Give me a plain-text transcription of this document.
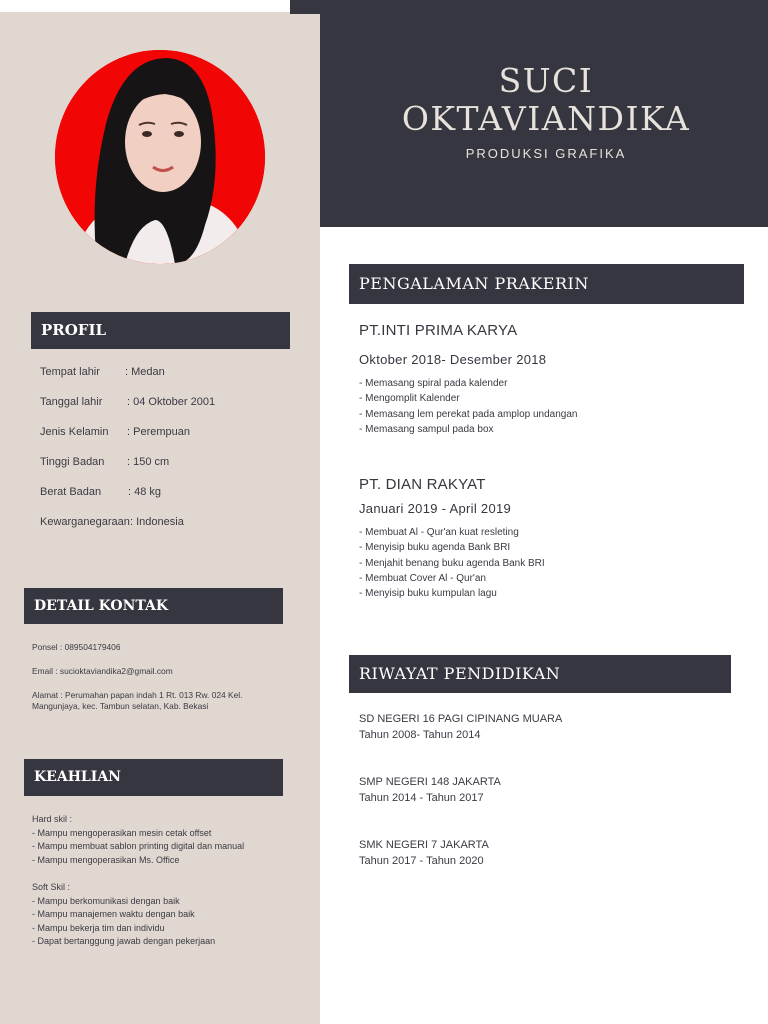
SUCI
OKTAVIANDIKA
PRODUKSI GRAFIKA
PROFIL
Tempat lahir : Medan
Tanggal lahir : 04 Oktober 2001
Jenis Kelamin : Perempuan
Tinggi Badan : 150 cm
Berat Badan : 48 kg
Kewarganegaraan : Indonesia
DETAIL KONTAK
Ponsel : 089504179406
Email : sucioktaviandika2@gmail.com
Alamat : Perumahan papan indah 1 Rt. 013 Rw. 024 Kel.
Mangunjaya, kec. Tambun selatan, Kab. Bekasi
KEAHLIAN
Hard skil :
- Mampu mengoperasikan mesin cetak offset
- Mampu membuat sablon printing digital dan manual
- Mampu mengoperasikan Ms. Office
Soft Skil :
- Mampu berkomunikasi dengan baik
- Mampu manajemen waktu dengan baik
- Mampu bekerja tim dan individu
- Dapat bertanggung jawab dengan pekerjaan
PENGALAMAN PRAKERIN
PT.INTI PRIMA KARYA
Oktober 2018- Desember 2018
- Memasang spiral pada kalender
- Mengomplit Kalender
- Memasang lem perekat pada amplop undangan
- Memasang sampul pada box
PT. DIAN RAKYAT
Januari 2019 - April 2019
- Membuat Al - Qur'an kuat resleting
- Menyisip buku agenda Bank BRI
- Menjahit benang buku agenda Bank BRI
- Membuat Cover Al - Qur'an
- Menyisip buku kumpulan lagu
RIWAYAT PENDIDIKAN
SD NEGERI 16 PAGI CIPINANG MUARA
Tahun 2008- Tahun 2014
SMP NEGERI 148 JAKARTA
Tahun 2014 - Tahun 2017
SMK NEGERI 7 JAKARTA
Tahun 2017 - Tahun 2020
